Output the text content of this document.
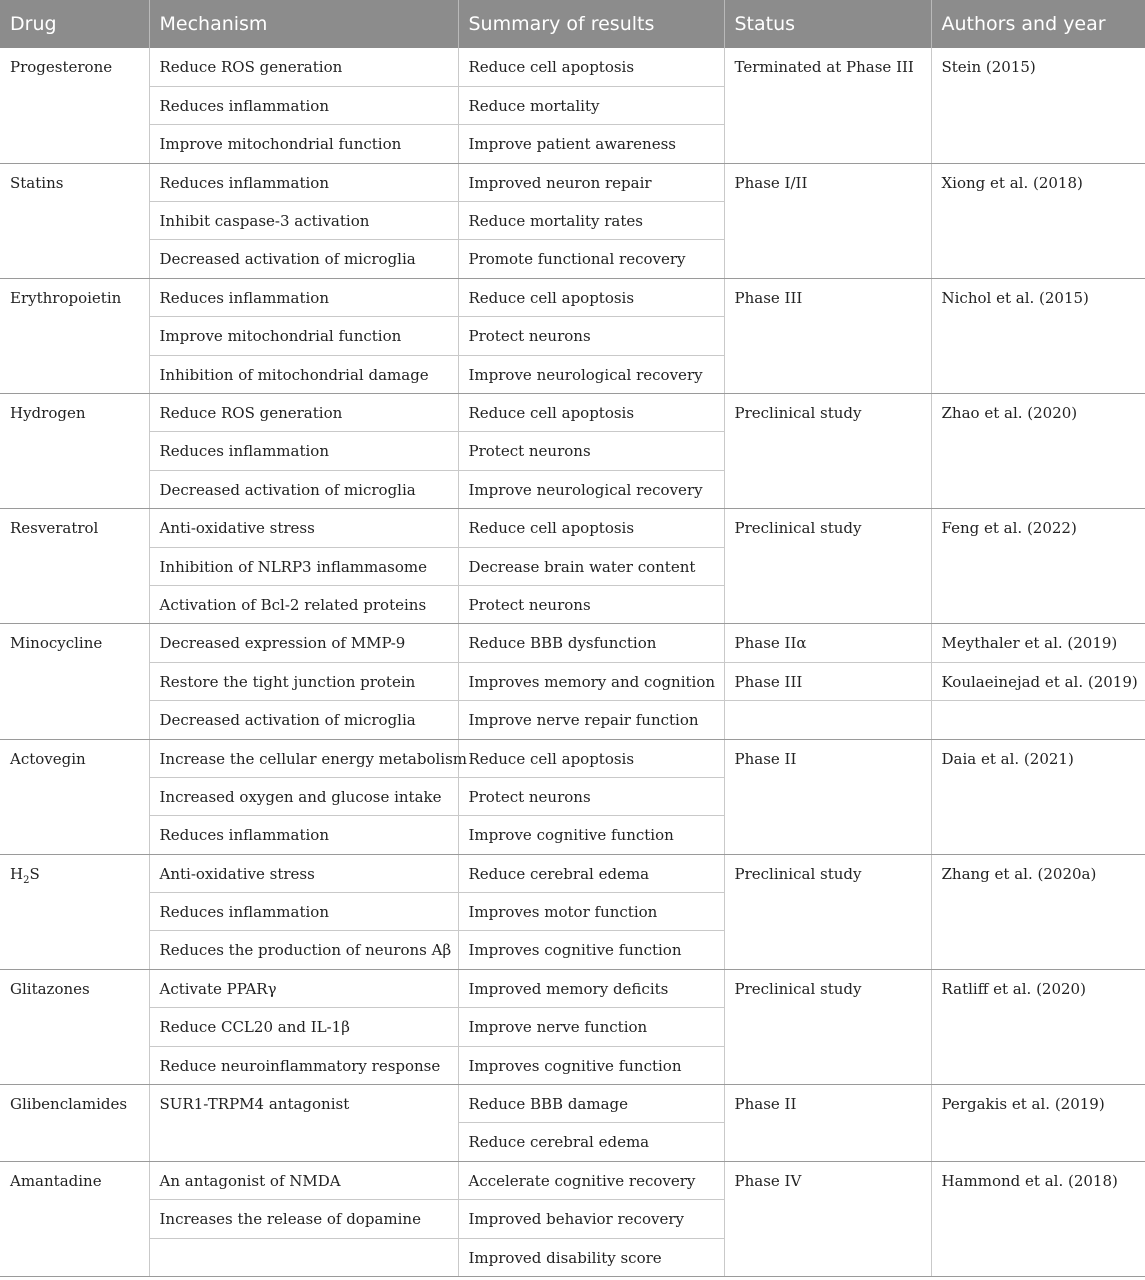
Drug	Mechanism	Summary of results	Status	Authors and year
Progesterone	Reduce ROS generation	Reduce cell apoptosis	Terminated at Phase III	Stein (2015)
	Reduces inflammation	Reduce mortality		
	Improve mitochondrial function	Improve patient awareness		
Statins	Reduces inflammation	Improved neuron repair	Phase I/II	Xiong et al. (2018)
	Inhibit caspase-3 activation	Reduce mortality rates		
	Decreased activation of microglia	Promote functional recovery		
Erythropoietin	Reduces inflammation	Reduce cell apoptosis	Phase III	Nichol et al. (2015)
	Improve mitochondrial function	Protect neurons		
	Inhibition of mitochondrial damage	Improve neurological recovery		
Hydrogen	Reduce ROS generation	Reduce cell apoptosis	Preclinical study	Zhao et al. (2020)
	Reduces inflammation	Protect neurons		
	Decreased activation of microglia	Improve neurological recovery		
Resveratrol	Anti-oxidative stress	Reduce cell apoptosis	Preclinical study	Feng et al. (2022)
	Inhibition of NLRP3 inflammasome	Decrease brain water content		
	Activation of Bcl-2 related proteins	Protect neurons		
Minocycline	Decreased expression of MMP-9	Reduce BBB dysfunction	Phase IIα	Meythaler et al. (2019)
	Restore the tight junction protein	Improves memory and cognition	Phase III	Koulaeinejad et al. (2019)
	Decreased activation of microglia	Improve nerve repair function		
Actovegin	Increase the cellular energy metabolism	Reduce cell apoptosis	Phase II	Daia et al. (2021)
	Increased oxygen and glucose intake	Protect neurons		
	Reduces inflammation	Improve cognitive function		
$H_2S$	Anti-oxidative stress	Reduce cerebral edema	Preclinical study	Zhang et al. (2020a)
	Reduces inflammation	Improves motor function		
	Reduces the production of neurons Aβ	Improves cognitive function		
Glitazones	Activate PPARγ	Improved memory deficits	Preclinical study	Ratliff et al. (2020)
	Reduce CCL20 and IL-1β	Improve nerve function		
	Reduce neuroinflammatory response	Improves cognitive function		
Glibenclamides	SUR1-TRPM4 antagonist	Reduce BBB damage	Phase II	Pergakis et al. (2019)
		Reduce cerebral edema		
Amantadine	An antagonist of NMDA	Accelerate cognitive recovery	Phase IV	Hammond et al. (2018)
	Increases the release of dopamine	Improved behavior recovery		
		Improved disability score		
